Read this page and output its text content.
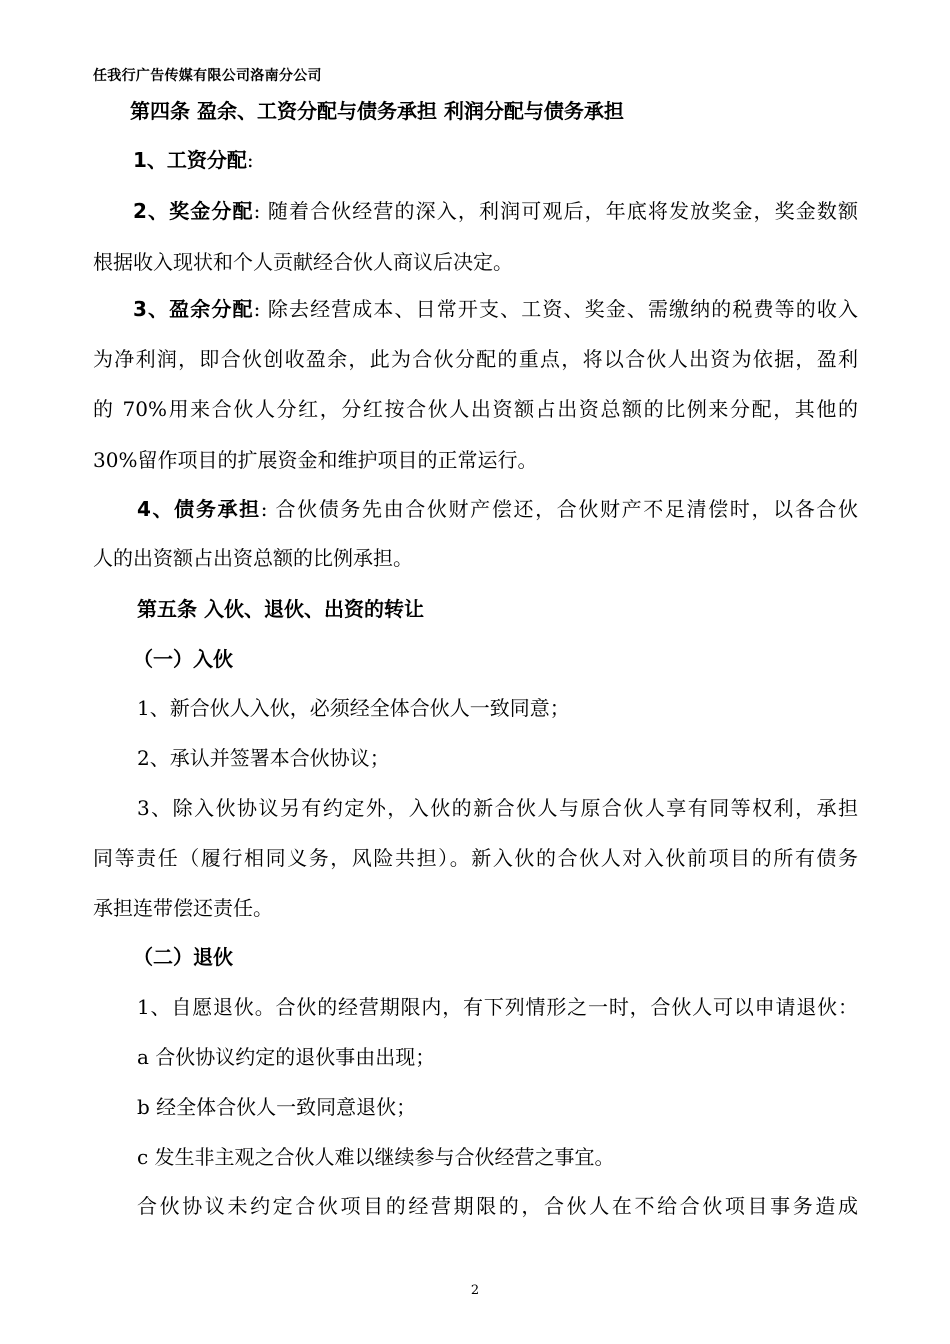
任我行广告传媒有限公司洛南分公司
第四条 盈余、工资分配与债务承担 利润分配与债务承担
1、工资分配:
2、奖金分配: 随着合伙经营的深入，利润可观后，年底将发放奖金，奖金数额
根据收入现状和个人贡献经合伙人商议后决定。
3、盈余分配: 除去经营成本、日常开支、工资、奖金、需缴纳的税费等的收入
为净利润，即合伙创收盈余，此为合伙分配的重点，将以合伙人出资为依据，盈利
的 70%用来合伙人分红，分红按合伙人出资额占出资总额的比例来分配，其他的
30%留作项目的扩展资金和维护项目的正常运行。
4、债务承担: 合伙债务先由合伙财产偿还，合伙财产不足清偿时，以各合伙
人的出资额占出资总额的比例承担。
第五条 入伙、退伙、出资的转让
（一）入伙
1、新合伙人入伙，必须经全体合伙人一致同意；
2、承认并签署本合伙协议；
3、除入伙协议另有约定外，入伙的新合伙人与原合伙人享有同等权利，承担
同等责任（履行相同义务，风险共担）。新入伙的合伙人对入伙前项目的所有债务
承担连带偿还责任。
（二）退伙
1、自愿退伙。合伙的经营期限内，有下列情形之一时，合伙人可以申请退伙：
a 合伙协议约定的退伙事由出现；
b 经全体合伙人一致同意退伙；
c 发生非主观之合伙人难以继续参与合伙经营之事宜。
合伙协议未约定合伙项目的经营期限的，合伙人在不给合伙项目事务造成
2
